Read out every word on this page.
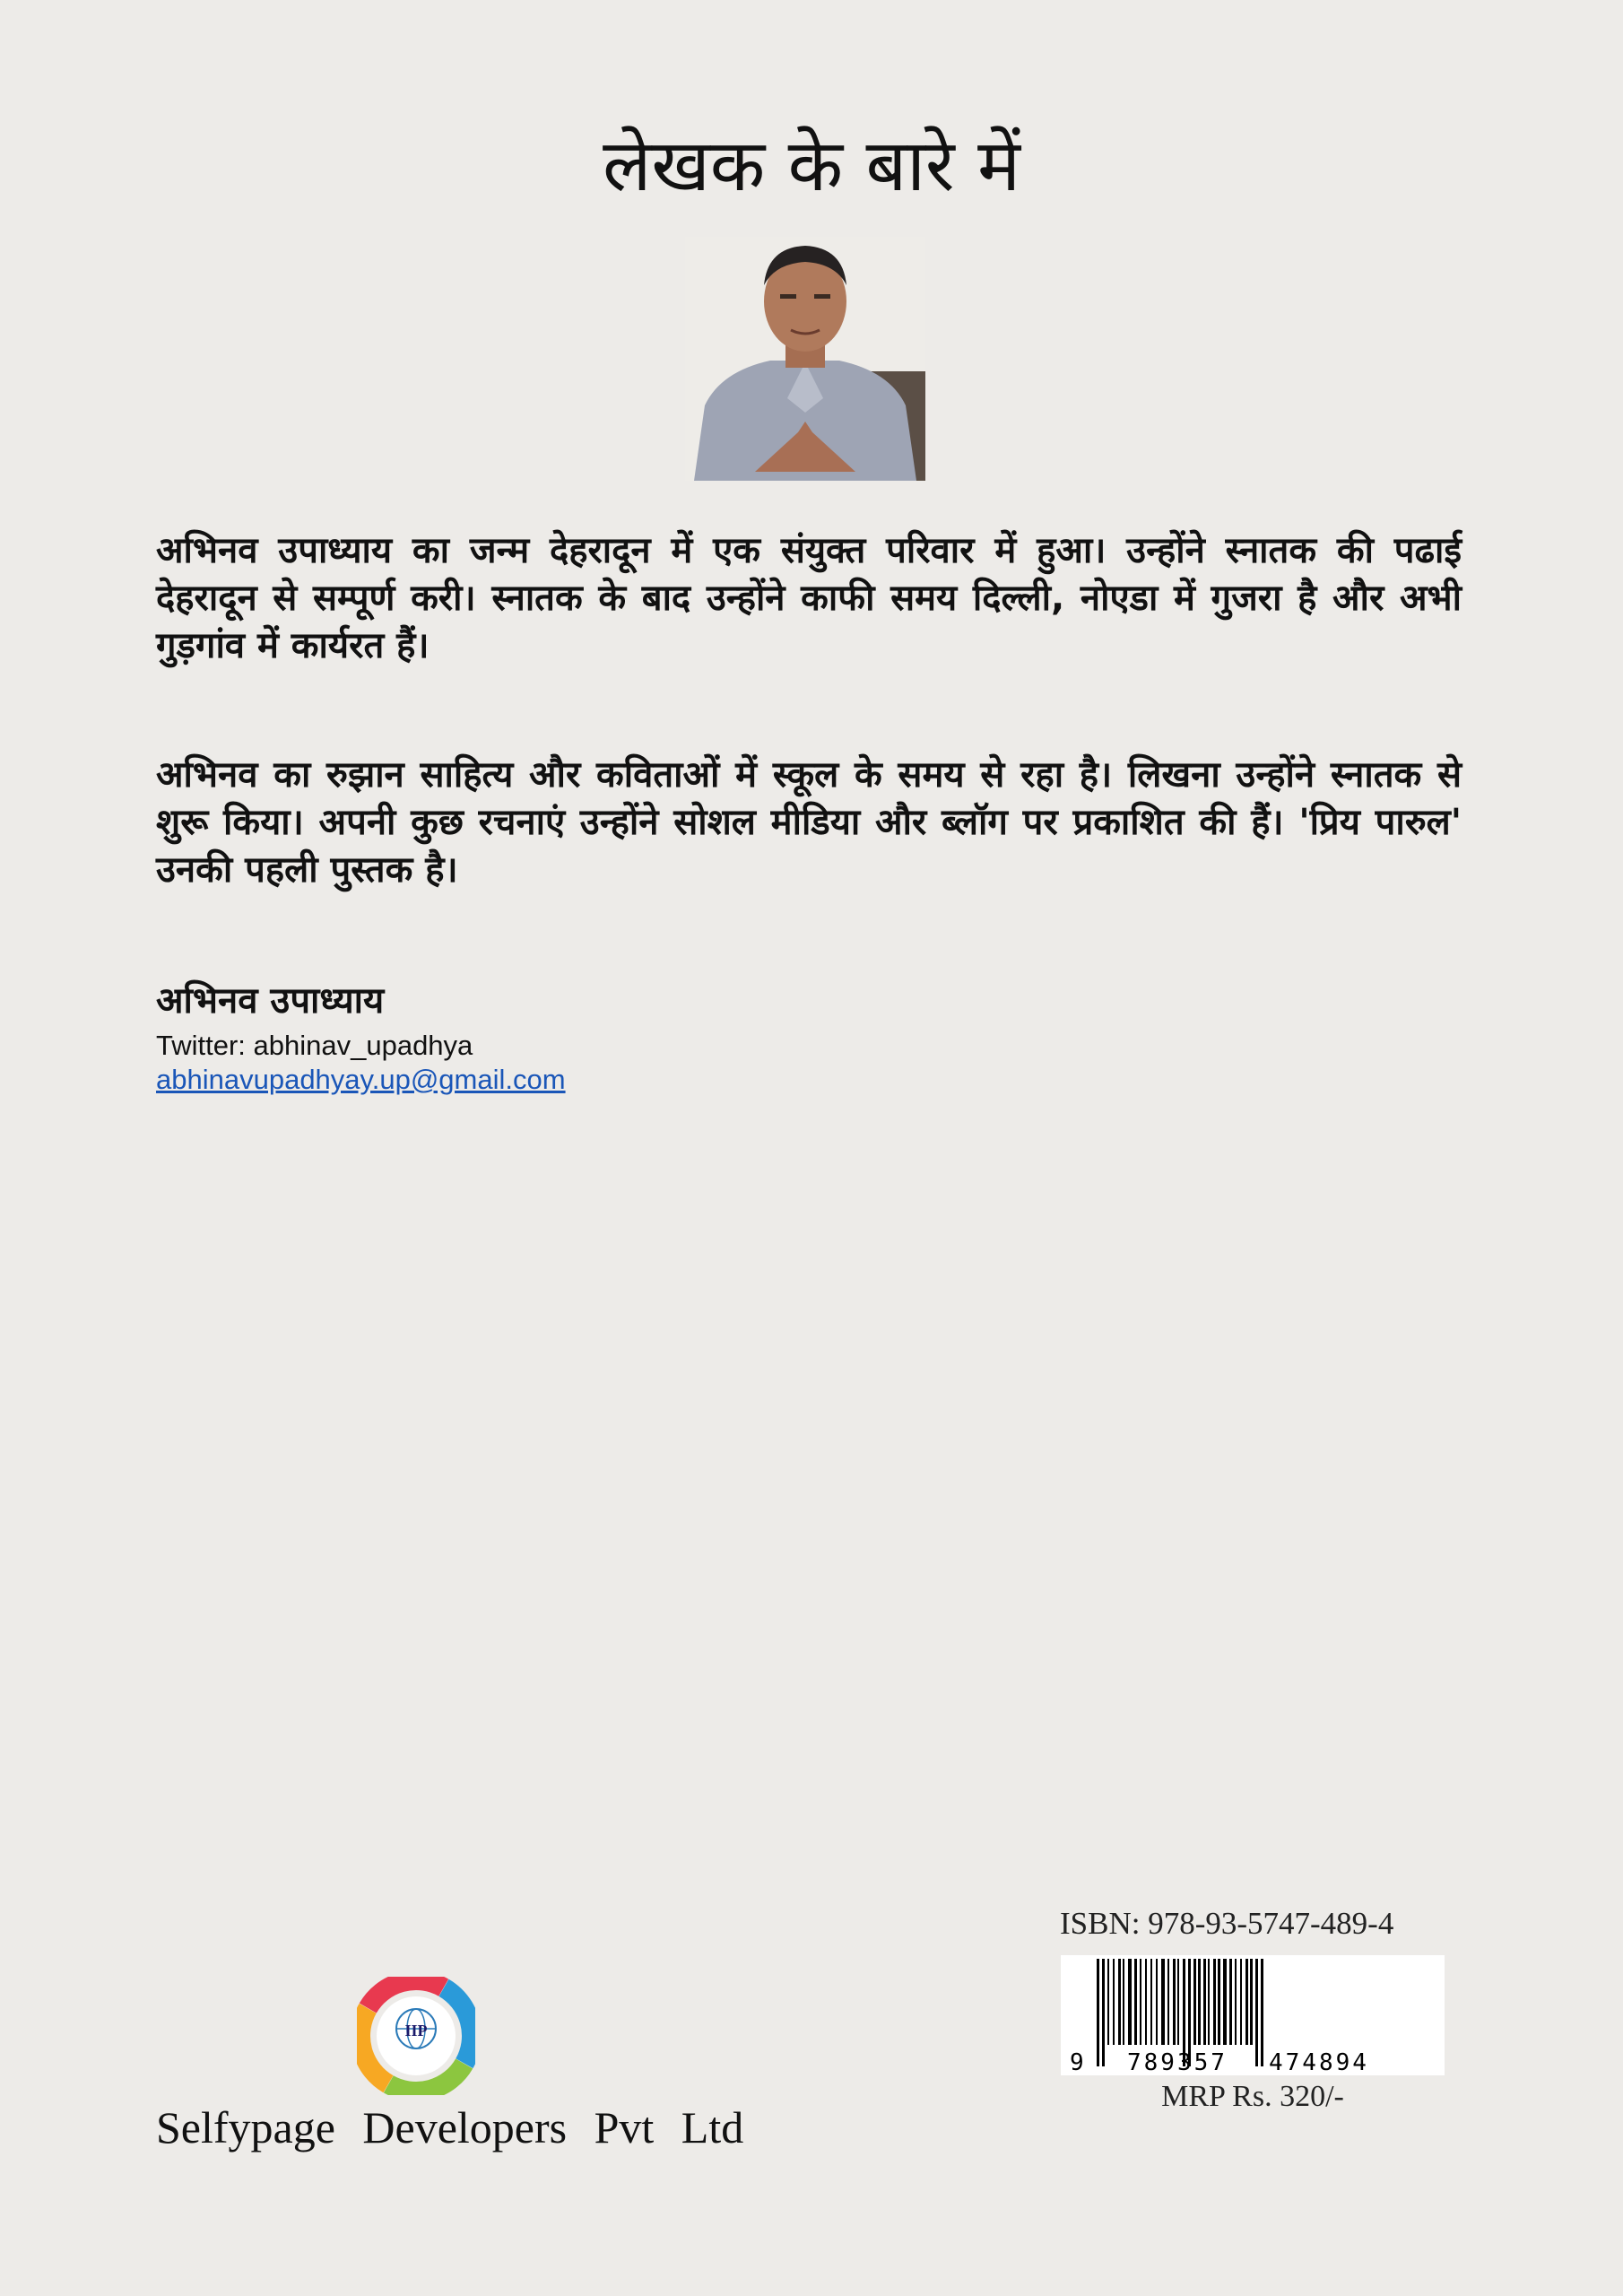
लेखक के बारे में

अभिनव उपाध्याय का जन्म देहरादून में एक संयुक्त परिवार में हुआ। उन्होंने स्नातक की पढाई देहरादून से सम्पूर्ण करी। स्नातक के बाद उन्होंने काफी समय दिल्ली, नोएडा में गुजरा है और अभी गुड़गांव में कार्यरत हैं।

अभिनव का रुझान साहित्य और कविताओं में स्कूल के समय से रहा है। लिखना उन्होंने स्नातक से शुरू किया। अपनी कुछ रचनाएं उन्होंने सोशल मीडिया और ब्लॉग पर प्रकाशित की हैं। 'प्रिय पारुल' उनकी पहली पुस्तक है।

अभिनव उपाध्याय
Twitter: abhinav_upadhya
abhinavupadhyay.up@gmail.com
ISBN: 978-93-5747-489-4
9 789357 474894
MRP Rs. 320/-
IIP
Selfypage Developers Pvt Ltd
